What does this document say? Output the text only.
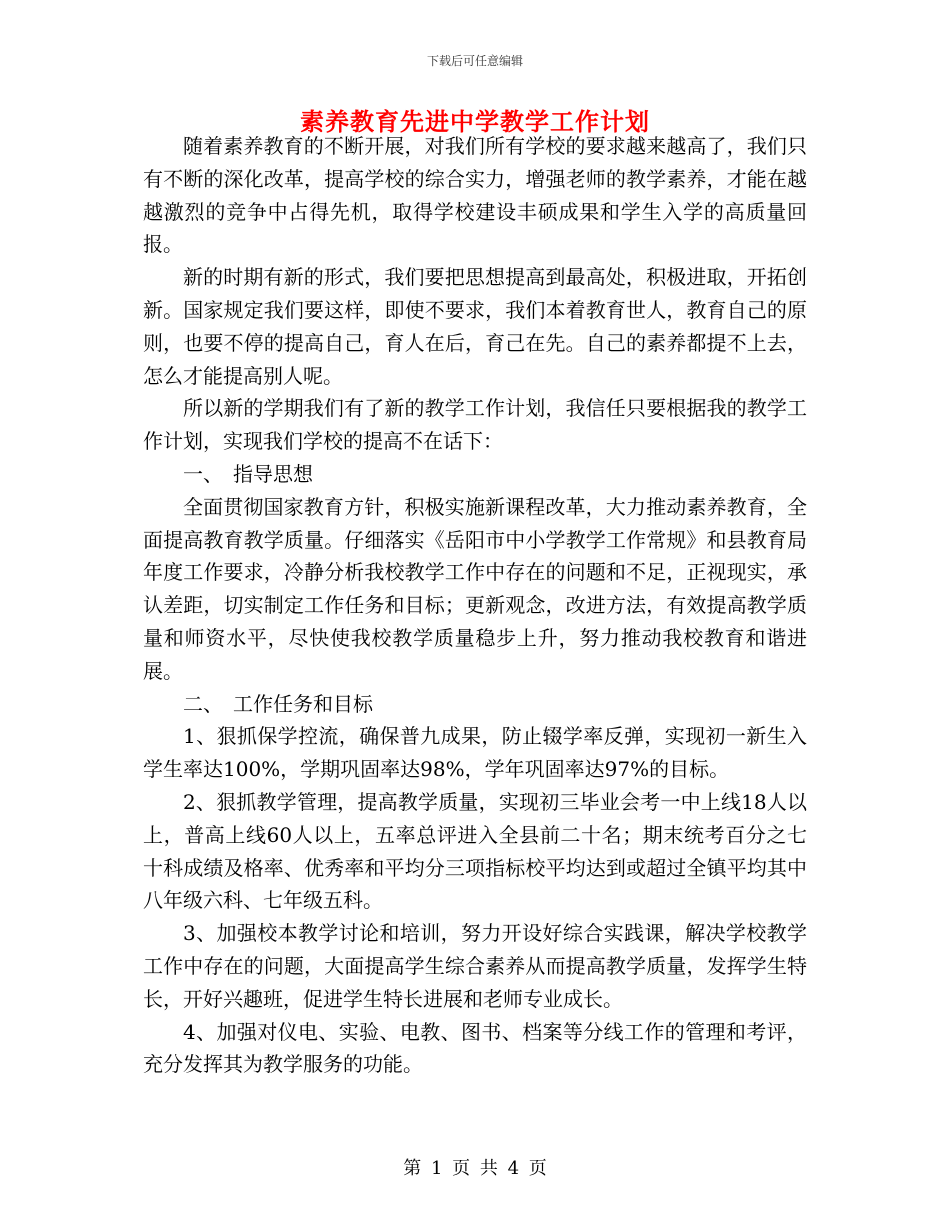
下载后可任意编辑
素养教育先进中学教学工作计划

随着素养教育的不断开展，对我们所有学校的要求越来越高了，我们只有不断的深化改革，提高学校的综合实力，增强老师的教学素养，才能在越越激烈的竞争中占得先机，取得学校建设丰硕成果和学生入学的高质量回报。

新的时期有新的形式，我们要把思想提高到最高处，积极进取，开拓创新。国家规定我们要这样，即使不要求，我们本着教育世人，教育自己的原则，也要不停的提高自己，育人在后，育己在先。自己的素养都提不上去，怎么才能提高别人呢。

所以新的学期我们有了新的教学工作计划，我信任只要根据我的教学工作计划，实现我们学校的提高不在话下：

一、　指导思想

全面贯彻国家教育方针，积极实施新课程改革，大力推动素养教育，全面提高教育教学质量。仔细落实《岳阳市中小学教学工作常规》和县教育局年度工作要求，冷静分析我校教学工作中存在的问题和不足，正视现实，承认差距，切实制定工作任务和目标；更新观念，改进方法，有效提高教学质量和师资水平，尽快使我校教学质量稳步上升，努力推动我校教育和谐进展。

二、　工作任务和目标

1、狠抓保学控流，确保普九成果，防止辍学率反弹，实现初一新生入学生率达100%，学期巩固率达98%，学年巩固率达97%的目标。

2、狠抓教学管理，提高教学质量，实现初三毕业会考一中上线18人以上，普高上线60人以上，五率总评进入全县前二十名；期末统考百分之七十科成绩及格率、优秀率和平均分三项指标校平均达到或超过全镇平均其中八年级六科、七年级五科。

3、加强校本教学讨论和培训，努力开设好综合实践课，解决学校教学工作中存在的问题，大面提高学生综合素养从而提高教学质量，发挥学生特长，开好兴趣班，促进学生特长进展和老师专业成长。

4、加强对仪电、实验、电教、图书、档案等分线工作的管理和考评，充分发挥其为教学服务的功能。

第 1 页 共 4 页
